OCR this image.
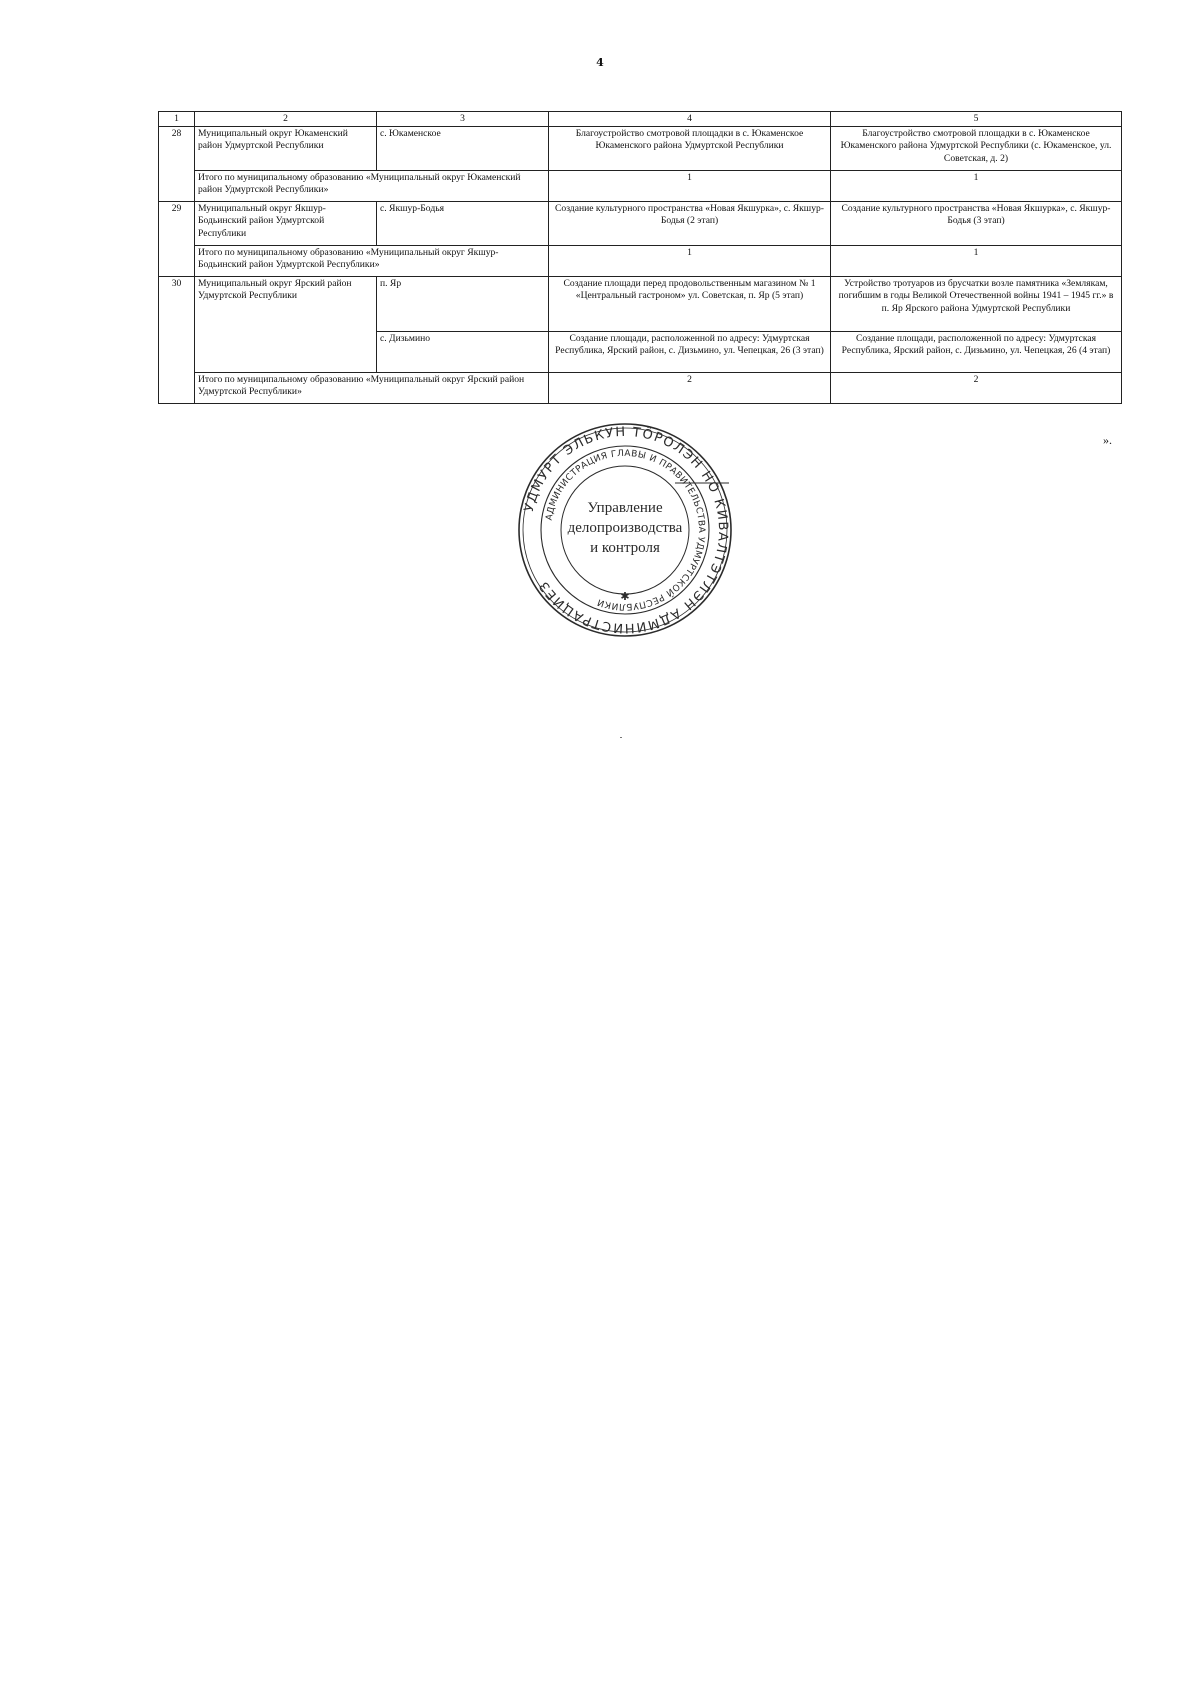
4
1	2	3	4	5
28	Муниципальный округ Юкаменский район Удмуртской Республики	с. Юкаменское	Благоустройство смотровой площадки в с. Юкаменское Юкаменского района Удмуртской Республики	Благоустройство смотровой площадки в с. Юкаменское Юкаменского района Удмуртской Республики (с. Юкаменское, ул. Советская, д. 2)
	Итого по муниципальному образованию «Муниципальный округ Юкаменский район Удмуртской Республики»		1	1
29	Муниципальный округ Якшур-Бодьинский район Удмуртской Республики	с. Якшур-Бодья	Создание культурного пространства «Новая Якшурка», с. Якшур-Бодья (2 этап)	Создание культурного пространства «Новая Якшурка», с. Якшур-Бодья (3 этап)
	Итого по муниципальному образованию «Муниципальный округ Якшур-Бодьинский район Удмуртской Республики»		1	1
30	Муниципальный округ Ярский район Удмуртской Республики	п. Яр	Создание площади перед продовольственным магазином № 1 «Центральный гастроном» ул. Советская, п. Яр (5 этап)	Устройство тротуаров из брусчатки возле памятника «Землякам, погибшим в годы Великой Отечественной войны 1941 – 1945 гг.» в п. Яр Ярского района Удмуртской Республики
		с. Дизьмино	Создание площади, расположенной по адресу: Удмуртская Республика, Ярский район, с. Дизьмино, ул. Чепецкая, 26 (3 этап)	Создание площади, расположенной по адресу: Удмуртская Республика, Ярский район, с. Дизьмино, ул. Чепецкая, 26 (4 этап)
	Итого по муниципальному образованию «Муниципальный округ Ярский район Удмуртской Республики»		2	2
».
УДМУРТ ЭЛЬКУН ТӦРОЛЭН НО КИВАЛТЭТЛЭН АДМИНИСТРАЦИЕЗ
АДМИНИСТРАЦИЯ ГЛАВЫ И ПРАВИТЕЛЬСТВА УДМУРТСКОЙ РЕСПУБЛИКИ
Управление
делопроизводства
и контроля
✱
